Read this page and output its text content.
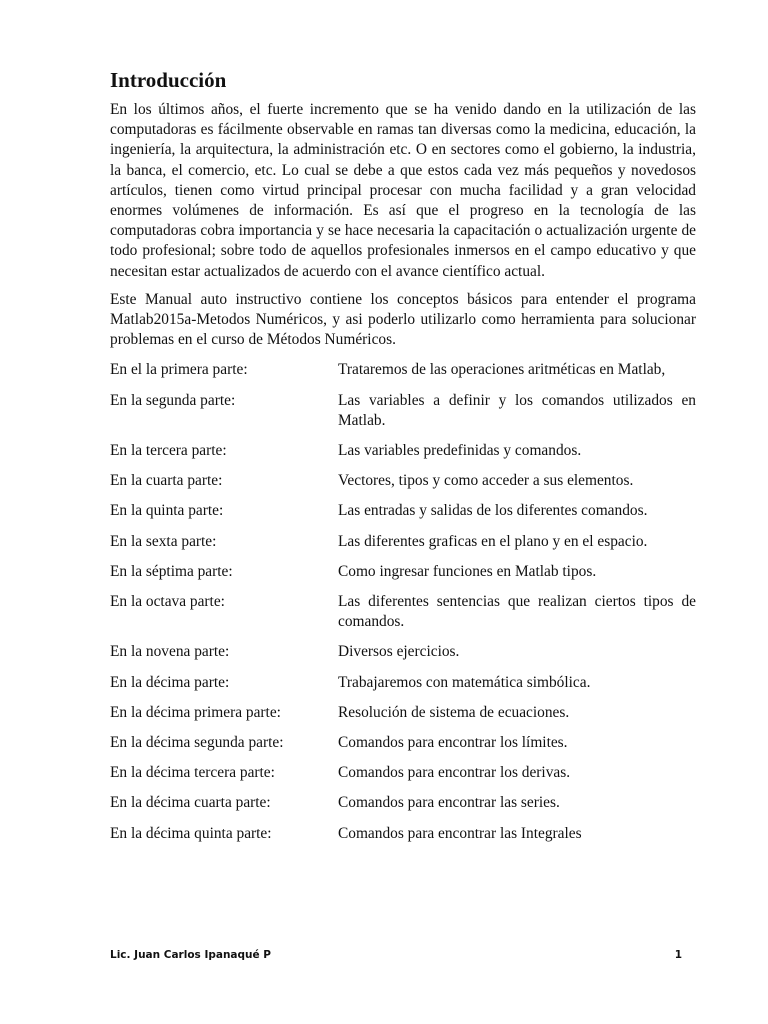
Introducción

En los últimos años, el fuerte incremento que se ha venido dando en la utilización de las computadoras es fácilmente observable en ramas tan diversas como la medicina, educación, la ingeniería, la arquitectura, la administración etc. O en sectores como el gobierno, la industria, la banca, el comercio, etc. Lo cual se debe a que estos cada vez más pequeños y novedosos artículos, tienen como virtud principal procesar con mucha facilidad y a gran velocidad enormes volúmenes de información. Es así que el progreso en la tecnología de las computadoras cobra importancia y se hace necesaria la capacitación o actualización urgente de todo profesional; sobre todo de aquellos profesionales inmersos en el campo educativo y que necesitan estar actualizados de acuerdo con el avance científico actual.

Este Manual auto instructivo contiene los conceptos básicos para entender el programa Matlab2015a-Metodos Numéricos, y asi poderlo utilizarlo como herramienta para solucionar problemas en el curso de Métodos Numéricos.

En el la primera parte:	Trataremos de las operaciones aritméticas en Matlab,
En la segunda parte:	Las variables a definir y los comandos utilizados en Matlab.
En la tercera parte:	Las variables predefinidas y comandos.
En la cuarta parte:	Vectores, tipos y como acceder a sus elementos.
En la quinta parte:	Las entradas y salidas de los diferentes comandos.
En la sexta parte:	Las diferentes graficas en el plano y en el espacio.
En la séptima parte:	Como ingresar funciones en Matlab tipos.
En la octava parte:	Las diferentes sentencias que realizan ciertos tipos de comandos.
En la novena parte:	Diversos ejercicios.
En la décima parte:	Trabajaremos con matemática simbólica.
En la décima primera parte:	Resolución de sistema de ecuaciones.
En la décima segunda parte:	Comandos para encontrar los límites.
En la décima tercera parte:	Comandos para encontrar los derivas.
En la décima cuarta parte:	Comandos para encontrar las series.
En la décima quinta parte:	Comandos para encontrar las Integrales
Lic. Juan Carlos Ipanaqué P	1
